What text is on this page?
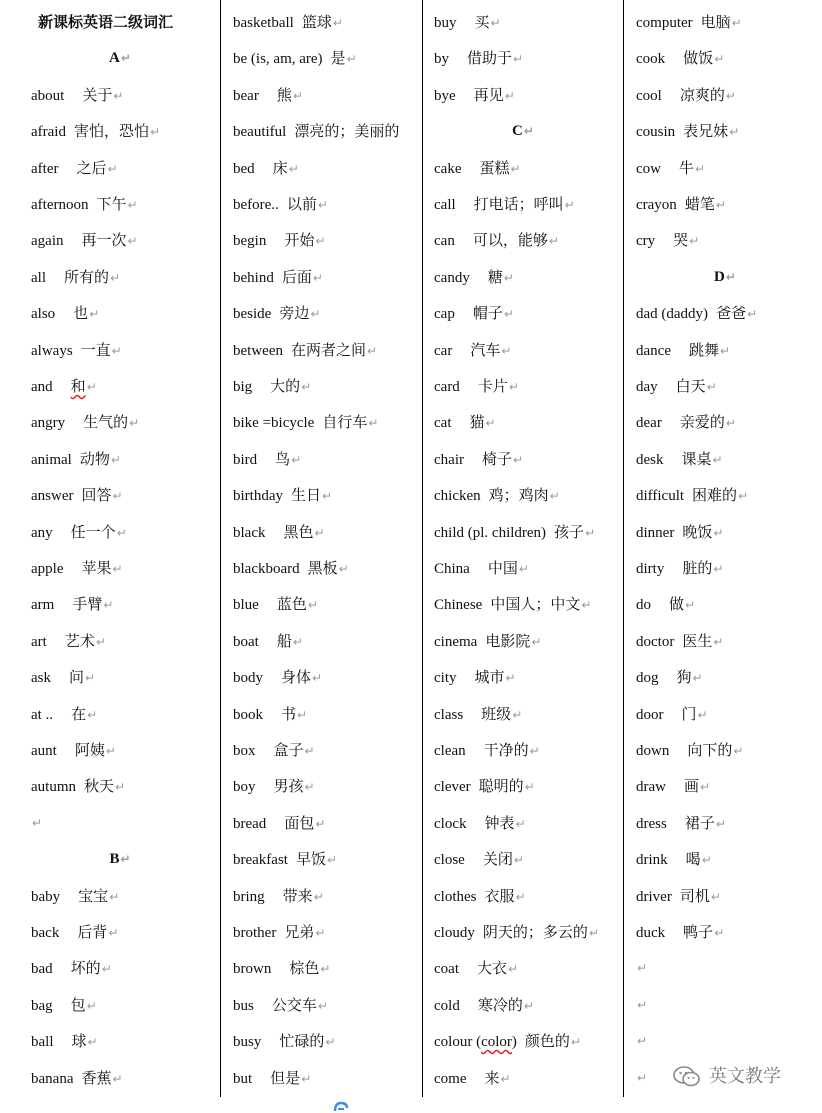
新课标英语二级词汇
A↵
about 关于↵
afraid 害怕，恐怕↵
after 之后↵
afternoon 下午↵
again 再一次↵
all 所有的↵
also 也↵
always 一直↵
and 和↵
angry 生气的↵
animal 动物↵
answer 回答↵
any 任一个↵
apple 苹果↵
arm 手臂↵
art 艺术↵
ask 问↵
at .. 在↵
aunt 阿姨↵
autumn 秋天↵
↵
B↵
baby 宝宝↵
back 后背↵
bad 坏的↵
bag 包↵
ball 球↵
banana 香蕉↵
basketball 篮球↵
be (is, am, are) 是↵
bear 熊↵
beautiful 漂亮的；美丽的
bed 床↵
before.. 以前↵
begin 开始↵
behind 后面↵
beside 旁边↵
between 在两者之间↵
big 大的↵
bike =bicycle 自行车↵
bird 鸟↵
birthday 生日↵
black 黑色↵
blackboard 黑板↵
blue 蓝色↵
boat 船↵
body 身体↵
book 书↵
box 盒子↵
boy 男孩↵
bread 面包↵
breakfast 早饭↵
bring 带来↵
brother 兄弟↵
brown 棕色↵
bus 公交车↵
busy 忙碌的↵
but 但是↵
buy 买↵
by 借助于↵
bye 再见↵
C↵
cake 蛋糕↵
call 打电话；呼叫↵
can 可以，能够↵
candy 糖↵
cap 帽子↵
car 汽车↵
card 卡片↵
cat 猫↵
chair 椅子↵
chicken 鸡；鸡肉↵
child (pl. children) 孩子↵
China 中国↵
Chinese 中国人；中文↵
cinema 电影院↵
city 城市↵
class 班级↵
clean 干净的↵
clever 聪明的↵
clock 钟表↵
close 关闭↵
clothes 衣服↵
cloudy 阴天的；多云的↵
coat 大衣↵
cold 寒冷的↵
colour (color) 颜色的↵
come 来↵
computer 电脑↵
cook 做饭↵
cool 凉爽的↵
cousin 表兄妹↵
cow 牛↵
crayon 蜡笔↵
cry 哭↵
D↵
dad (daddy) 爸爸↵
dance 跳舞↵
day 白天↵
dear 亲爱的↵
desk 课桌↵
difficult 困难的↵
dinner 晚饭↵
dirty 脏的↵
do 做↵
doctor 医生↵
dog 狗↵
door 门↵
down 向下的↵
draw 画↵
dress 裙子↵
drink 喝↵
driver 司机↵
duck 鸭子↵
↵
↵
↵
↵	英文教学
